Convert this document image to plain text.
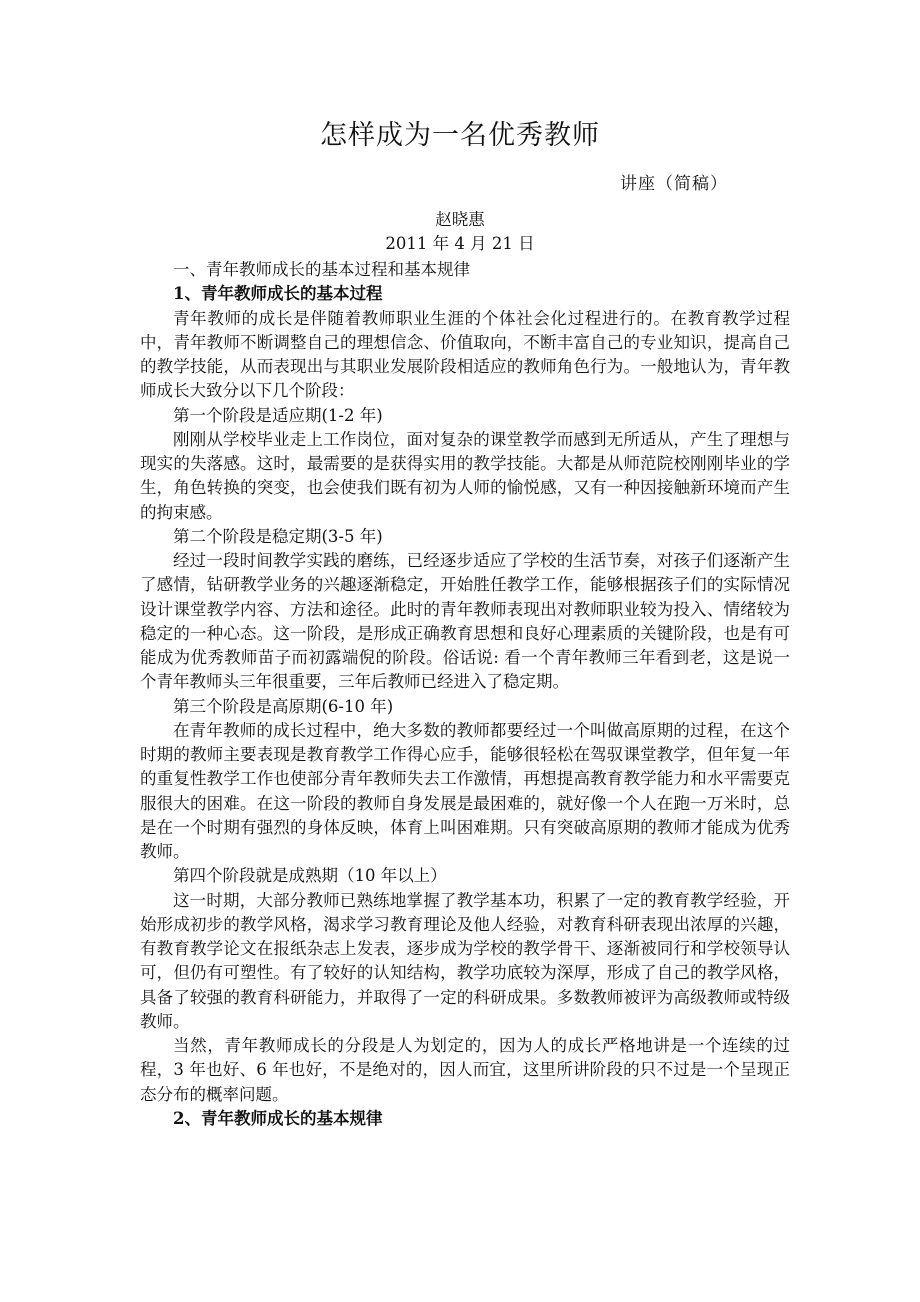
怎样成为一名优秀教师
讲座（简稿）
赵晓惠
2011 年 4 月 21 日

一、青年教师成长的基本过程和基本规律

1、青年教师成长的基本过程

青年教师的成长是伴随着教师职业生涯的个体社会化过程进行的。在教育教学过程中，青年教师不断调整自己的理想信念、价值取向，不断丰富自己的专业知识，提高自己的教学技能，从而表现出与其职业发展阶段相适应的教师角色行为。一般地认为，青年教师成长大致分以下几个阶段：

第一个阶段是适应期(1-2 年)

刚刚从学校毕业走上工作岗位，面对复杂的课堂教学而感到无所适从，产生了理想与现实的失落感。这时，最需要的是获得实用的教学技能。大都是从师范院校刚刚毕业的学生，角色转换的突变，也会使我们既有初为人师的愉悦感，又有一种因接触新环境而产生的拘束感。

第二个阶段是稳定期(3-5 年)

经过一段时间教学实践的磨练，已经逐步适应了学校的生活节奏，对孩子们逐渐产生了感情，钻研教学业务的兴趣逐渐稳定，开始胜任教学工作，能够根据孩子们的实际情况设计课堂教学内容、方法和途径。此时的青年教师表现出对教师职业较为投入、情绪较为稳定的一种心态。这一阶段，是形成正确教育思想和良好心理素质的关键阶段，也是有可能成为优秀教师苗子而初露端倪的阶段。俗话说: 看一个青年教师三年看到老，这是说一个青年教师头三年很重要，三年后教师已经进入了稳定期。

第三个阶段是高原期(6-10 年)

在青年教师的成长过程中，绝大多数的教师都要经过一个叫做高原期的过程，在这个时期的教师主要表现是教育教学工作得心应手，能够很轻松在驾驭课堂教学，但年复一年的重复性教学工作也使部分青年教师失去工作激情，再想提高教育教学能力和水平需要克服很大的困难。在这一阶段的教师自身发展是最困难的，就好像一个人在跑一万米时，总是在一个时期有强烈的身体反映，体育上叫困难期。只有突破高原期的教师才能成为优秀教师。

第四个阶段就是成熟期（10 年以上）

这一时期，大部分教师已熟练地掌握了教学基本功，积累了一定的教育教学经验，开始形成初步的教学风格，渴求学习教育理论及他人经验，对教育科研表现出浓厚的兴趣，有教育教学论文在报纸杂志上发表，逐步成为学校的教学骨干、逐渐被同行和学校领导认可，但仍有可塑性。有了较好的认知结构，教学功底较为深厚，形成了自己的教学风格，具备了较强的教育科研能力，并取得了一定的科研成果。多数教师被评为高级教师或特级教师。

当然，青年教师成长的分段是人为划定的，因为人的成长严格地讲是一个连续的过程，3 年也好、6 年也好，不是绝对的，因人而宜，这里所讲阶段的只不过是一个呈现正态分布的概率问题。

2、青年教师成长的基本规律
